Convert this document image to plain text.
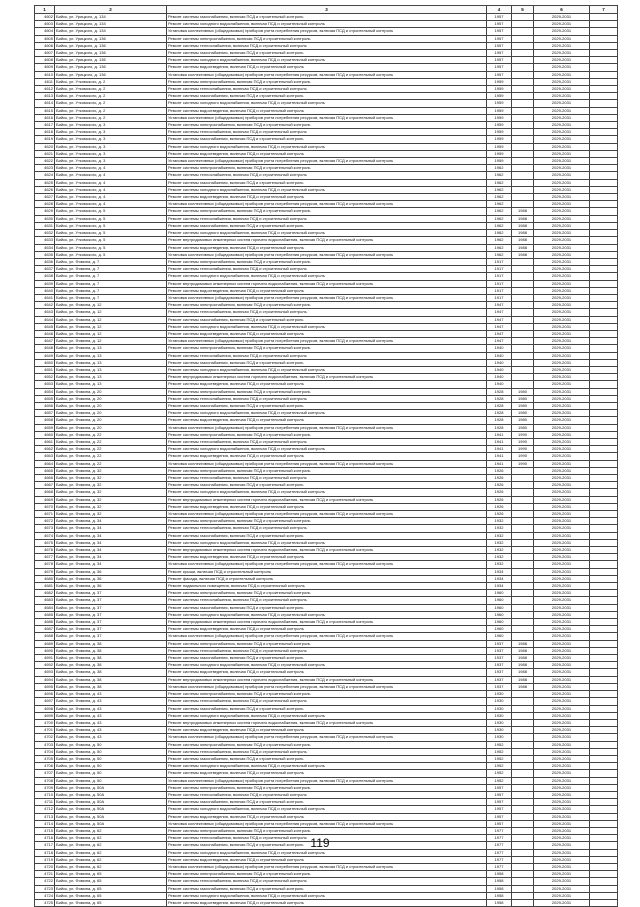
1	2	3	4	5	6	7
4602	Бийск, ул. Урицкого, д. 134	Ремонт системы газоснабжения, включая ПСД и строительный контроль	1957		2029-2031	
4603	Бийск, ул. Урицкого, д. 134	Ремонт системы холодного водоснабжения, включая ПСД и строительный контроль	1957		2029-2031	
4604	Бийск, ул. Урицкого, д. 134	Установка коллективных (общедомовых) приборов учета потребления ресурсов, включая ПСД и строительный контроль	1957		2029-2031	
4605	Бийск, ул. Урицкого, д. 136	Ремонт системы электроснабжения, включая ПСД и строительный контроль	1957		2029-2031	
4606	Бийск, ул. Урицкого, д. 136	Ремонт системы теплоснабжения, включая ПСД и строительный контроль	1957		2029-2031	
4607	Бийск, ул. Урицкого, д. 136	Ремонт системы газоснабжения, включая ПСД и строительный контроль	1957		2029-2031	
4608	Бийск, ул. Урицкого, д. 136	Ремонт системы холодного водоснабжения, включая ПСД и строительный контроль	1957		2029-2031	
4609	Бийск, ул. Урицкого, д. 136	Ремонт системы водоотведения, включая ПСД и строительный контроль	1957		2029-2031	
4610	Бийск, ул. Урицкого, д. 136	Установка коллективных (общедомовых) приборов учета потребления ресурсов, включая ПСД и строительный контроль	1957		2029-2031	
4611	Бийск, ул. Уткомского, д. 2	Ремонт системы электроснабжения, включая ПСД и строительный контроль	1959		2029-2031	
4612	Бийск, ул. Уткомского, д. 2	Ремонт системы теплоснабжения, включая ПСД и строительный контроль	1959		2029-2031	
4613	Бийск, ул. Уткомского, д. 2	Ремонт системы газоснабжения, включая ПСД и строительный контроль	1959		2029-2031	
4614	Бийск, ул. Уткомского, д. 2	Ремонт системы холодного водоснабжения, включая ПСД и строительный контроль	1959		2029-2031	
4615	Бийск, ул. Уткомского, д. 2	Ремонт системы водоотведения, включая ПСД и строительный контроль	1959		2029-2031	
4616	Бийск, ул. Уткомского, д. 2	Установка коллективных (общедомовых) приборов учета потребления ресурсов, включая ПСД и строительный контроль	1959		2029-2031	
4617	Бийск, ул. Уткомского, д. 3	Ремонт системы электроснабжения, включая ПСД и строительный контроль	1959		2029-2031	
4618	Бийск, ул. Уткомского, д. 3	Ремонт системы теплоснабжения, включая ПСД и строительный контроль	1959		2029-2031	
4619	Бийск, ул. Уткомского, д. 3	Ремонт системы газоснабжения, включая ПСД и строительный контроль	1959		2029-2031	
4620	Бийск, ул. Уткомского, д. 3	Ремонт системы холодного водоснабжения, включая ПСД и строительный контроль	1959		2029-2031	
4621	Бийск, ул. Уткомского, д. 3	Ремонт системы водоотведения, включая ПСД и строительный контроль	1959		2029-2031	
4622	Бийск, ул. Уткомского, д. 3	Установка коллективных (общедомовых) приборов учета потребления ресурсов, включая ПСД и строительный контроль	1959		2029-2031	
4623	Бийск, ул. Уткомского, д. 4	Ремонт системы электроснабжения, включая ПСД и строительный контроль	1962		2029-2031	
4624	Бийск, ул. Уткомского, д. 4	Ремонт системы теплоснабжения, включая ПСД и строительный контроль	1962		2029-2031	
4625	Бийск, ул. Уткомского, д. 4	Ремонт системы газоснабжения, включая ПСД и строительный контроль	1962		2029-2031	
4626	Бийск, ул. Уткомского, д. 4	Ремонт системы холодного водоснабжения, включая ПСД и строительный контроль	1962		2029-2031	
4627	Бийск, ул. Уткомского, д. 4	Ремонт системы водоотведения, включая ПСД и строительный контроль	1962		2029-2031	
4628	Бийск, ул. Уткомского, д. 4	Установка коллективных (общедомовых) приборов учета потребления ресурсов, включая ПСД и строительный контроль	1962		2029-2031	
4629	Бийск, ул. Уткомского, д. 5	Ремонт системы электроснабжения, включая ПСД и строительный контроль	1962	1988	2029-2031	
4630	Бийск, ул. Уткомского, д. 5	Ремонт системы теплоснабжения, включая ПСД и строительный контроль	1962	1988	2029-2031	
4631	Бийск, ул. Уткомского, д. 5	Ремонт системы газоснабжения, включая ПСД и строительный контроль	1962	1988	2029-2031	
4632	Бийск, ул. Уткомского, д. 5	Ремонт системы холодного водоснабжения, включая ПСД и строительный контроль	1962	1988	2029-2031	
4633	Бийск, ул. Уткомского, д. 5	Ремонт внутридомовых инженерных систем горячего водоснабжения, включая ПСД и строительный контроль	1962	1988	2029-2031	
4634	Бийск, ул. Уткомского, д. 5	Ремонт системы водоотведения, включая ПСД и строительный контроль	1962	1988	2029-2031	
4635	Бийск, ул. Уткомского, д. 5	Установка коллективных (общедомовых) приборов учета потребления ресурсов, включая ПСД и строительный контроль	1962	1988	2029-2031	
4636	Бийск, ул. Фомина, д. 7	Ремонт системы электроснабжения, включая ПСД и строительный контроль	1917		2029-2031	
4637	Бийск, ул. Фомина, д. 7	Ремонт системы теплоснабжения, включая ПСД и строительный контроль	1917		2029-2031	
4638	Бийск, ул. Фомина, д. 7	Ремонт системы холодного водоснабжения, включая ПСД и строительный контроль	1917		2029-2031	
4639	Бийск, ул. Фомина, д. 7	Ремонт внутридомовых инженерных систем горячего водоснабжения, включая ПСД и строительный контроль	1917		2029-2031	
4640	Бийск, ул. Фомина, д. 7	Ремонт системы водоотведения, включая ПСД и строительный контроль	1917		2029-2031	
4641	Бийск, ул. Фомина, д. 7	Установка коллективных (общедомовых) приборов учета потребления ресурсов, включая ПСД и строительный контроль	1917		2029-2031	
4642	Бийск, ул. Фомина, д. 12	Ремонт системы электроснабжения, включая ПСД и строительный контроль	1947		2029-2031	
4643	Бийск, ул. Фомина, д. 12	Ремонт системы теплоснабжения, включая ПСД и строительный контроль	1947		2029-2031	
4644	Бийск, ул. Фомина, д. 12	Ремонт системы газоснабжения, включая ПСД и строительный контроль	1947		2029-2031	
4645	Бийск, ул. Фомина, д. 12	Ремонт системы холодного водоснабжения, включая ПСД и строительный контроль	1947		2029-2031	
4646	Бийск, ул. Фомина, д. 12	Ремонт системы водоотведения, включая ПСД и строительный контроль	1947		2029-2031	
4647	Бийск, ул. Фомина, д. 12	Установка коллективных (общедомовых) приборов учета потребления ресурсов, включая ПСД и строительный контроль	1947		2029-2031	
4648	Бийск, ул. Фомина, д. 13	Ремонт системы электроснабжения, включая ПСД и строительный контроль	1940		2029-2031	
4649	Бийск, ул. Фомина, д. 13	Ремонт системы теплоснабжения, включая ПСД и строительный контроль	1940		2029-2031	
4650	Бийск, ул. Фомина, д. 13	Ремонт системы газоснабжения, включая ПСД и строительный контроль	1940		2029-2031	
4651	Бийск, ул. Фомина, д. 13	Ремонт системы холодного водоснабжения, включая ПСД и строительный контроль	1940		2029-2031	
4652	Бийск, ул. Фомина, д. 13	Ремонт внутридомовых инженерных систем горячего водоснабжения, включая ПСД и строительный контроль	1940		2029-2031	
4653	Бийск, ул. Фомина, д. 13	Ремонт системы водоотведения, включая ПСД и строительный контроль	1940		2029-2031	
4654	Бийск, ул. Фомина, д. 20	Ремонт системы электроснабжения, включая ПСД и строительный контроль	1928	1980	2029-2031	
4655	Бийск, ул. Фомина, д. 20	Ремонт системы теплоснабжения, включая ПСД и строительный контроль	1928	1980	2029-2031	
4656	Бийск, ул. Фомина, д. 20	Ремонт системы газоснабжения, включая ПСД и строительный контроль	1928	1980	2029-2031	
4657	Бийск, ул. Фомина, д. 20	Ремонт системы холодного водоснабжения, включая ПСД и строительный контроль	1928	1980	2029-2031	
4658	Бийск, ул. Фомина, д. 20	Ремонт системы водоотведения, включая ПСД и строительный контроль	1928	1980	2029-2031	
4659	Бийск, ул. Фомина, д. 20	Установка коллективных (общедомовых) приборов учета потребления ресурсов, включая ПСД и строительный контроль	1928	1980	2029-2031	
4660	Бийск, ул. Фомина, д. 22	Ремонт системы электроснабжения, включая ПСД и строительный контроль	1941	1990	2029-2031	
4661	Бийск, ул. Фомина, д. 22	Ремонт системы теплоснабжения, включая ПСД и строительный контроль	1941	1990	2029-2031	
4662	Бийск, ул. Фомина, д. 22	Ремонт системы холодного водоснабжения, включая ПСД и строительный контроль	1941	1990	2029-2031	
4663	Бийск, ул. Фомина, д. 22	Ремонт системы водоотведения, включая ПСД и строительный контроль	1941	1990	2029-2031	
4664	Бийск, ул. Фомина, д. 22	Установка коллективных (общедомовых) приборов учета потребления ресурсов, включая ПСД и строительный контроль	1941	1990	2029-2031	
4665	Бийск, ул. Фомина, д. 32	Ремонт системы электроснабжения, включая ПСД и строительный контроль	1926		2029-2031	
4666	Бийск, ул. Фомина, д. 32	Ремонт системы теплоснабжения, включая ПСД и строительный контроль	1926		2029-2031	
4667	Бийск, ул. Фомина, д. 32	Ремонт системы газоснабжения, включая ПСД и строительный контроль	1926		2029-2031	
4668	Бийск, ул. Фомина, д. 32	Ремонт системы холодного водоснабжения, включая ПСД и строительный контроль	1926		2029-2031	
4669	Бийск, ул. Фомина, д. 32	Ремонт внутридомовых инженерных систем горячего водоснабжения, включая ПСД и строительный контроль	1926		2029-2031	
4670	Бийск, ул. Фомина, д. 32	Ремонт системы водоотведения, включая ПСД и строительный контроль	1926		2029-2031	
4671	Бийск, ул. Фомина, д. 32	Установка коллективных (общедомовых) приборов учета потребления ресурсов, включая ПСД и строительный контроль	1926		2029-2031	
4672	Бийск, ул. Фомина, д. 34	Ремонт системы электроснабжения, включая ПСД и строительный контроль	1932		2029-2031	
4673	Бийск, ул. Фомина, д. 34	Ремонт системы теплоснабжения, включая ПСД и строительный контроль	1932		2029-2031	
4674	Бийск, ул. Фомина, д. 34	Ремонт системы газоснабжения, включая ПСД и строительный контроль	1932		2029-2031	
4675	Бийск, ул. Фомина, д. 34	Ремонт системы холодного водоснабжения, включая ПСД и строительный контроль	1932		2029-2031	
4676	Бийск, ул. Фомина, д. 34	Ремонт внутридомовых инженерных систем горячего водоснабжения, включая ПСД и строительный контроль	1932		2029-2031	
4677	Бийск, ул. Фомина, д. 34	Ремонт системы водоотведения, включая ПСД и строительный контроль	1932		2029-2031	
4678	Бийск, ул. Фомина, д. 34	Установка коллективных (общедомовых) приборов учета потребления ресурсов, включая ПСД и строительный контроль	1932		2029-2031	
4679	Бийск, ул. Фомина, д. 36	Ремонт крыши, включая ПСД и строительный контроль	1934		2029-2031	
4680	Бийск, ул. Фомина, д. 36	Ремонт фасада, включая ПСД и строительный контроль	1934		2029-2031	
4681	Бийск, ул. Фомина, д. 36	Ремонт подвального помещения, включая ПСД и строительный контроль	1934		2029-2031	
4682	Бийск, ул. Фомина, д. 37	Ремонт системы электроснабжения, включая ПСД и строительный контроль	1960		2029-2031	
4683	Бийск, ул. Фомина, д. 37	Ремонт системы теплоснабжения, включая ПСД и строительный контроль	1960		2029-2031	
4684	Бийск, ул. Фомина, д. 37	Ремонт системы газоснабжения, включая ПСД и строительный контроль	1960		2029-2031	
4685	Бийск, ул. Фомина, д. 37	Ремонт системы холодного водоснабжения, включая ПСД и строительный контроль	1960		2029-2031	
4686	Бийск, ул. Фомина, д. 37	Ремонт внутридомовых инженерных систем горячего водоснабжения, включая ПСД и строительный контроль	1960		2029-2031	
4687	Бийск, ул. Фомина, д. 37	Ремонт системы водоотведения, включая ПСД и строительный контроль	1960		2029-2031	
4688	Бийск, ул. Фомина, д. 37	Установка коллективных (общедомовых) приборов учета потребления ресурсов, включая ПСД и строительный контроль	1960		2029-2031	
4689	Бийск, ул. Фомина, д. 38	Ремонт системы электроснабжения, включая ПСД и строительный контроль	1937	1988	2029-2031	
4690	Бийск, ул. Фомина, д. 38	Ремонт системы теплоснабжения, включая ПСД и строительный контроль	1937	1988	2029-2031	
4691	Бийск, ул. Фомина, д. 38	Ремонт системы газоснабжения, включая ПСД и строительный контроль	1937	1988	2029-2031	
4692	Бийск, ул. Фомина, д. 38	Ремонт системы холодного водоснабжения, включая ПСД и строительный контроль	1937	1988	2029-2031	
4693	Бийск, ул. Фомина, д. 38	Ремонт системы водоотведения, включая ПСД и строительный контроль	1937	1988	2029-2031	
4694	Бийск, ул. Фомина, д. 38	Ремонт внутридомовых инженерных систем горячего водоснабжения, включая ПСД и строительный контроль	1937	1988	2029-2031	
4695	Бийск, ул. Фомина, д. 38	Установка коллективных (общедомовых) приборов учета потребления ресурсов, включая ПСД и строительный контроль	1937	1988	2029-2031	
4696	Бийск, ул. Фомина, д. 43	Ремонт системы электроснабжения, включая ПСД и строительный контроль	1930		2029-2031	
4697	Бийск, ул. Фомина, д. 43	Ремонт системы теплоснабжения, включая ПСД и строительный контроль	1930		2029-2031	
4698	Бийск, ул. Фомина, д. 43	Ремонт системы газоснабжения, включая ПСД и строительный контроль	1930		2029-2031	
4699	Бийск, ул. Фомина, д. 43	Ремонт системы холодного водоснабжения, включая ПСД и строительный контроль	1930		2029-2031	
4700	Бийск, ул. Фомина, д. 43	Ремонт внутридомовых инженерных систем горячего водоснабжения, включая ПСД и строительный контроль	1930		2029-2031	
4701	Бийск, ул. Фомина, д. 43	Ремонт системы водоотведения, включая ПСД и строительный контроль	1930		2029-2031	
4702	Бийск, ул. Фомина, д. 43	Установка коллективных (общедомовых) приборов учета потребления ресурсов, включая ПСД и строительный контроль	1930		2029-2031	
4703	Бийск, ул. Фомина, д. 50	Ремонт системы электроснабжения, включая ПСД и строительный контроль	1952		2029-2031	
4704	Бийск, ул. Фомина, д. 50	Ремонт системы теплоснабжения, включая ПСД и строительный контроль	1952		2029-2031	
4705	Бийск, ул. Фомина, д. 50	Ремонт системы газоснабжения, включая ПСД и строительный контроль	1952		2029-2031	
4706	Бийск, ул. Фомина, д. 50	Ремонт системы холодного водоснабжения, включая ПСД и строительный контроль	1952		2029-2031	
4707	Бийск, ул. Фомина, д. 50	Ремонт системы водоотведения, включая ПСД и строительный контроль	1952		2029-2031	
4708	Бийск, ул. Фомина, д. 50	Установка коллективных (общедомовых) приборов учета потребления ресурсов, включая ПСД и строительный контроль	1952		2029-2031	
4709	Бийск, ул. Фомина, д. 50А	Ремонт системы электроснабжения, включая ПСД и строительный контроль	1957		2029-2031	
4710	Бийск, ул. Фомина, д. 50А	Ремонт системы теплоснабжения, включая ПСД и строительный контроль	1957		2029-2031	
4711	Бийск, ул. Фомина, д. 50А	Ремонт системы газоснабжения, включая ПСД и строительный контроль	1957		2029-2031	
4712	Бийск, ул. Фомина, д. 50А	Ремонт системы холодного водоснабжения, включая ПСД и строительный контроль	1957		2029-2031	
4713	Бийск, ул. Фомина, д. 50А	Ремонт системы водоотведения, включая ПСД и строительный контроль	1957		2029-2031	
4714	Бийск, ул. Фомина, д. 50А	Установка коллективных (общедомовых) приборов учета потребления ресурсов, включая ПСД и строительный контроль	1957		2029-2031	
4715	Бийск, ул. Фомина, д. 62	Ремонт системы электроснабжения, включая ПСД и строительный контроль	1977		2029-2031	
4716	Бийск, ул. Фомина, д. 62	Ремонт системы теплоснабжения, включая ПСД и строительный контроль	1977		2029-2031	
4717	Бийск, ул. Фомина, д. 62	Ремонт системы газоснабжения, включая ПСД и строительный контроль	1977		2029-2031	
4718	Бийск, ул. Фомина, д. 62	Ремонт системы холодного водоснабжения, включая ПСД и строительный контроль	1977		2029-2031	
4719	Бийск, ул. Фомина, д. 62	Ремонт системы водоотведения, включая ПСД и строительный контроль	1977		2029-2031	
4720	Бийск, ул. Фомина, д. 62	Установка коллективных (общедомовых) приборов учета потребления ресурсов, включая ПСД и строительный контроль	1977		2029-2031	
4721	Бийск, ул. Фомина, д. 65	Ремонт системы электроснабжения, включая ПСД и строительный контроль	1958		2029-2031	
4722	Бийск, ул. Фомина, д. 65	Ремонт системы теплоснабжения, включая ПСД и строительный контроль	1958		2029-2031	
4723	Бийск, ул. Фомина, д. 65	Ремонт системы газоснабжения, включая ПСД и строительный контроль	1958		2029-2031	
4724	Бийск, ул. Фомина, д. 65	Ремонт системы холодного водоснабжения, включая ПСД и строительный контроль	1958		2029-2031	
4725	Бийск, ул. Фомина, д. 65	Ремонт системы водоотведения, включая ПСД и строительный контроль	1958		2029-2031	
119
